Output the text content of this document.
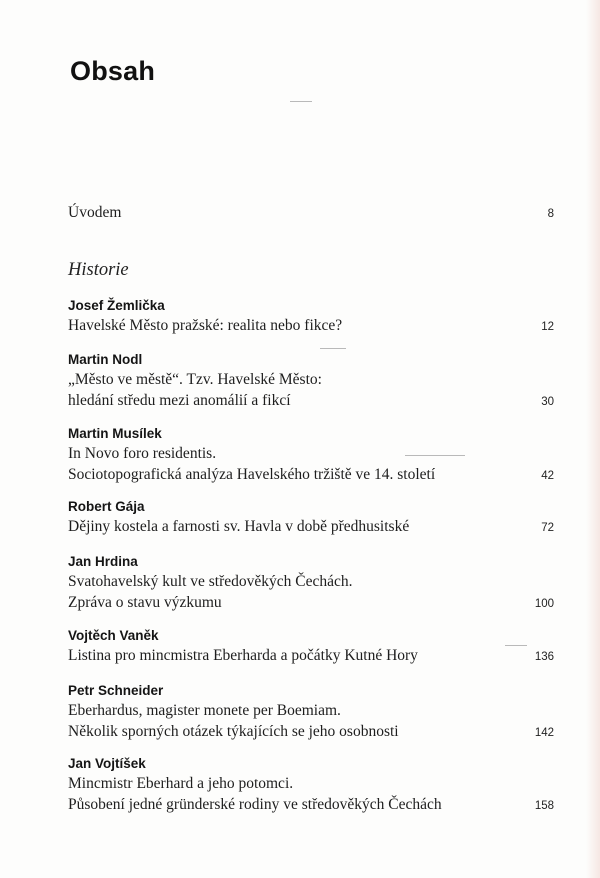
Obsah
Úvodem	8
Historie
Josef Žemlička
Havelské Město pražské: realita nebo fikce?	12
Martin Nodl
„Město ve městě“. Tzv. Havelské Město:
hledání středu mezi anomálií a fikcí	30
Martin Musílek
In Novo foro residentis.
Sociotopografická analýza Havelského tržiště ve 14. století	42
Robert Gája
Dějiny kostela a farnosti sv. Havla v době předhusitské	72
Jan Hrdina
Svatohavelský kult ve středověkých Čechách.
Zpráva o stavu výzkumu	100
Vojtěch Vaněk
Listina pro mincmistra Eberharda a počátky Kutné Hory	136
Petr Schneider
Eberhardus, magister monete per Boemiam.
Několik sporných otázek týkajících se jeho osobnosti	142
Jan Vojtíšek
Mincmistr Eberhard a jeho potomci.
Působení jedné gründerské rodiny ve středověkých Čechách	158
